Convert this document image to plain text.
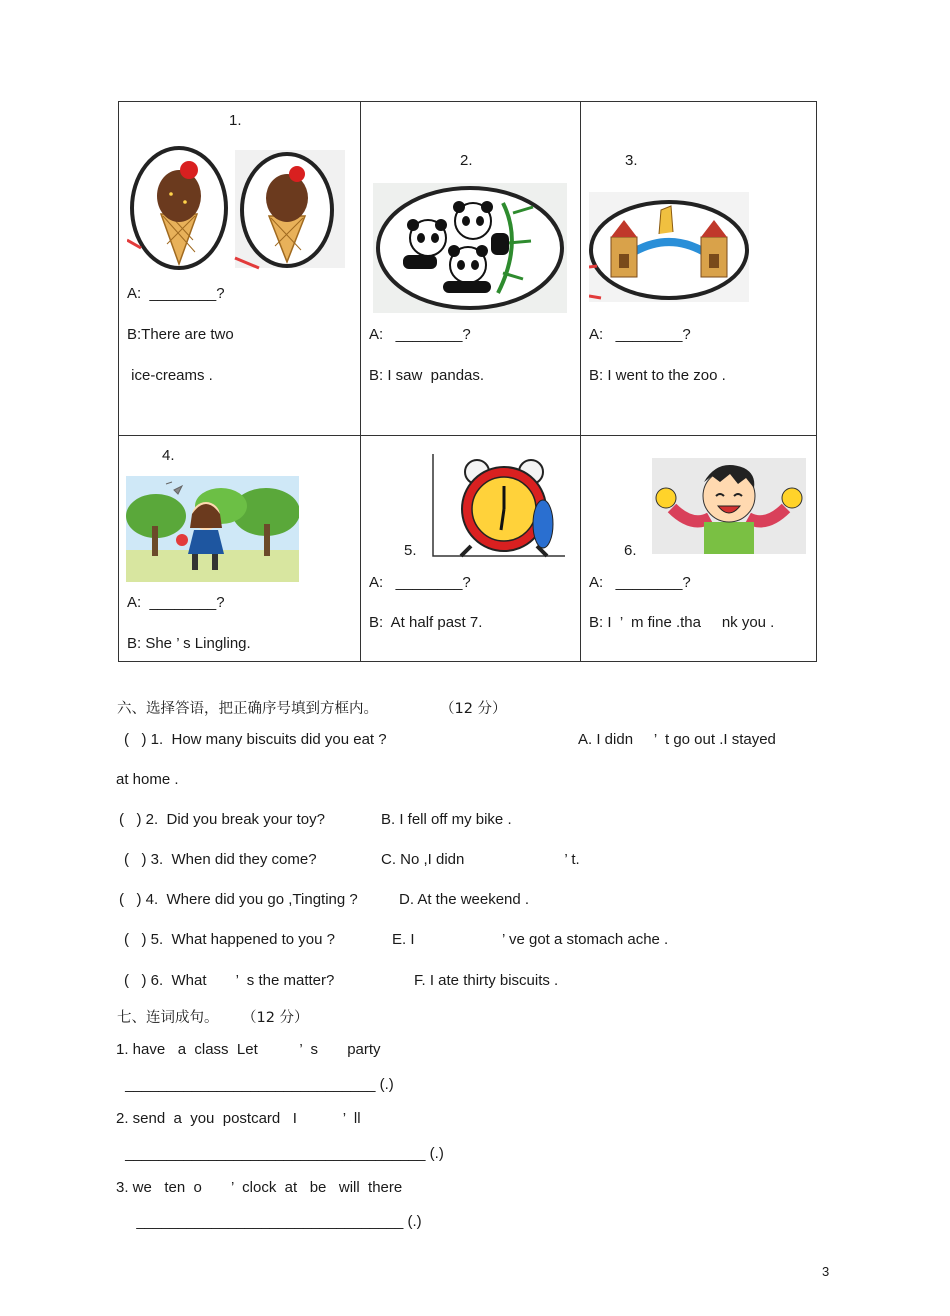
1.
A:  ________?
B:There are two
ice-creams .	2.
A:   ________?
B: I saw  pandas.	3.
A:   ________?
B: I went to the zoo .

4.
A:  ________?
B: She ’ s Lingling.	5.
A:   ________?
B:  At half past 7.	6.
A:   ________?
B: I  ’  m fine .tha     nk you .
六、选择答语，把正确序号填到方框内。	（12 分）
(   ) 1.  How many biscuits did you eat ?	A. I didn     ’  t go out .I stayed
at home .
(   ) 2.  Did you break your toy?	B. I fell off my bike .
(   ) 3.  When did they come?	C. No ,I didn                        ’ t.
(   ) 4.  Where did you go ,Tingting ?	D. At the weekend .
(   ) 5.  What happened to you ?	E. I                     ’ ve got a stomach ache .
(   ) 6.  What       ’  s the matter?	F. I ate thirty biscuits .
七、连词成句。 （12 分）
1. have   a  class  Let          ’  s       party
______________________________ (.)
2. send  a  you  postcard   I           ’  ll
____________________________________ (.)
3. we   ten  o       ’  clock  at   be   will  there
________________________________ (.)
3
